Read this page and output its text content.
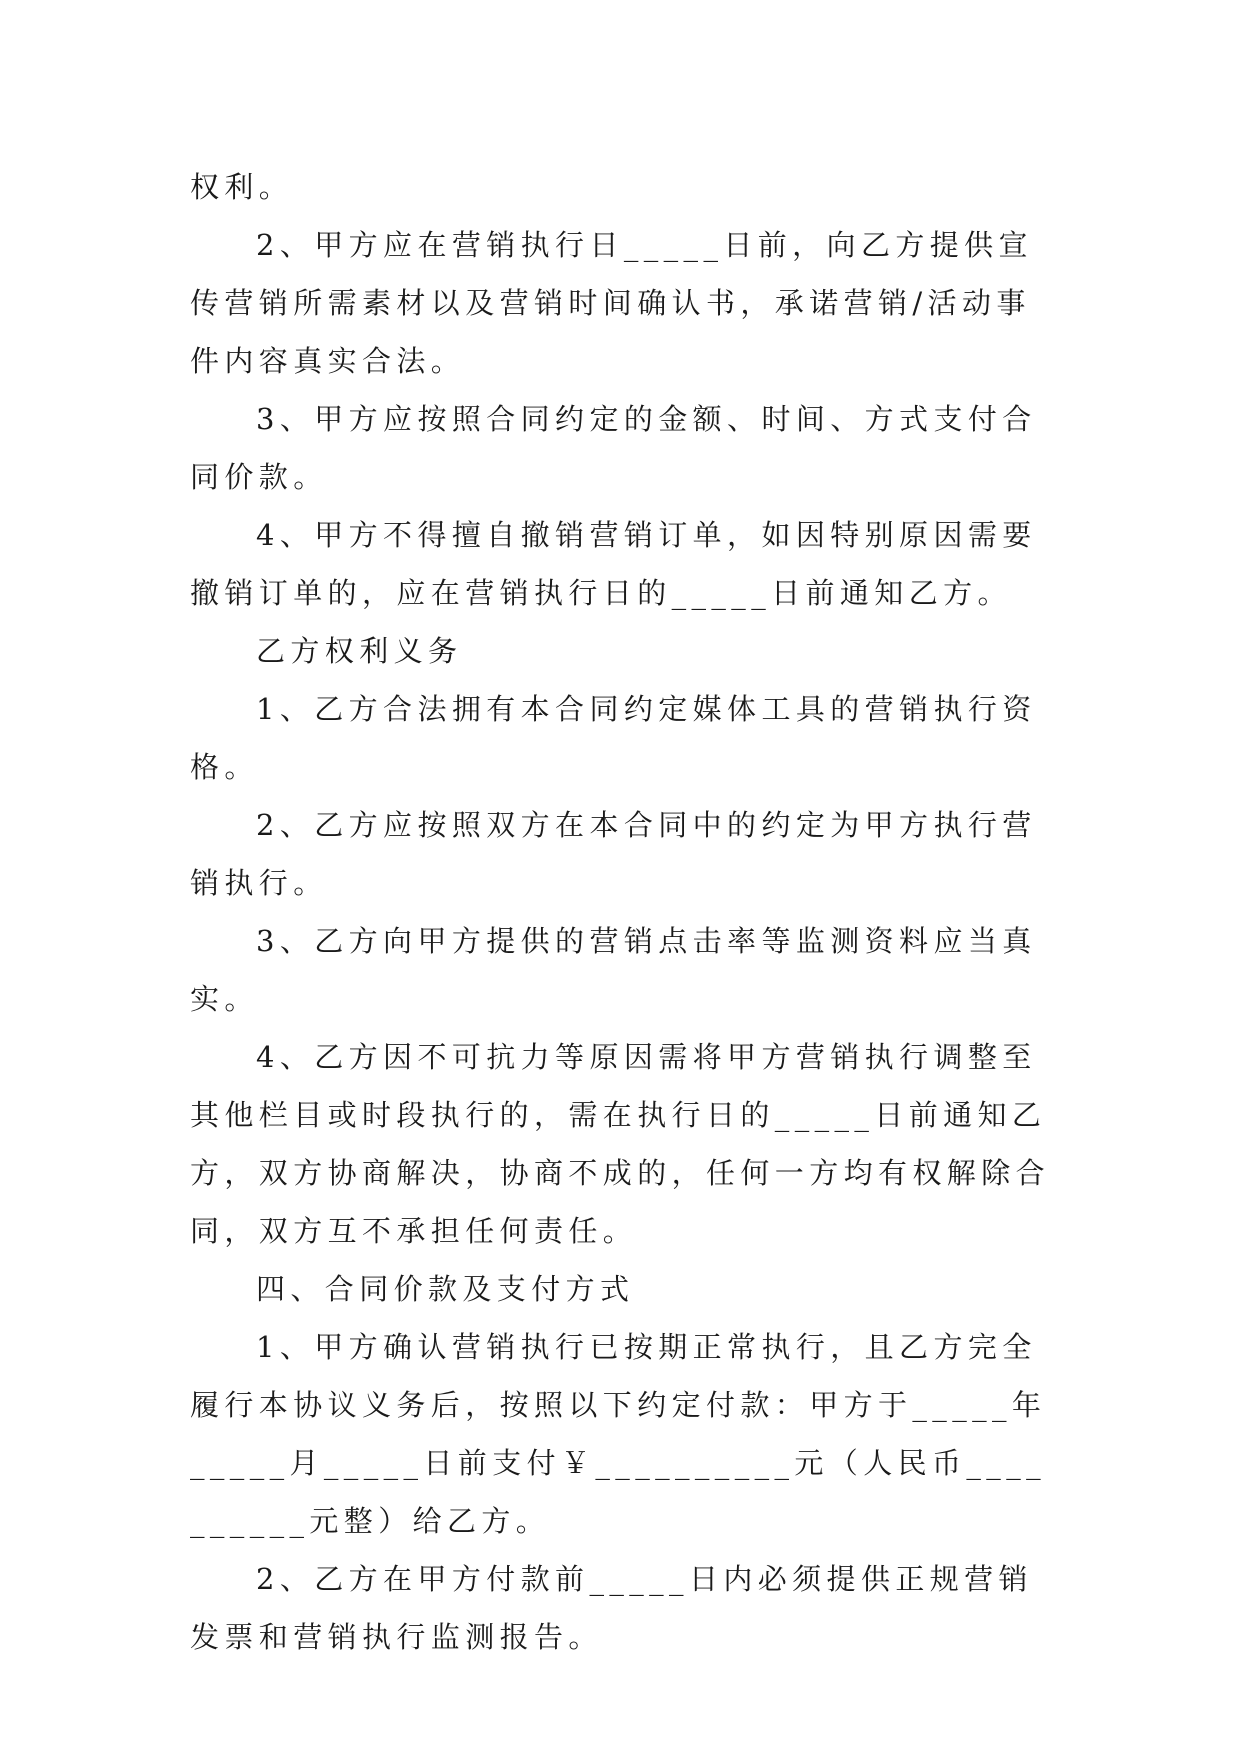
权利。

2、甲方应在营销执行日_____日前，向乙方提供宣传营销所需素材以及营销时间确认书，承诺营销/活动事件内容真实合法。

3、甲方应按照合同约定的金额、时间、方式支付合同价款。

4、甲方不得擅自撤销营销订单，如因特别原因需要撤销订单的，应在营销执行日的_____日前通知乙方。

乙方权利义务

1、乙方合法拥有本合同约定媒体工具的营销执行资格。

2、乙方应按照双方在本合同中的约定为甲方执行营销执行。

3、乙方向甲方提供的营销点击率等监测资料应当真实。

4、乙方因不可抗力等原因需将甲方营销执行调整至其他栏目或时段执行的，需在执行日的_____日前通知乙方，双方协商解决，协商不成的，任何一方均有权解除合同，双方互不承担任何责任。

四、合同价款及支付方式

1、甲方确认营销执行已按期正常执行，且乙方完全履行本协议义务后，按照以下约定付款：甲方于_____年_____月_____日前支付￥__________元（人民币__________元整）给乙方。

2、乙方在甲方付款前_____日内必须提供正规营销发票和营销执行监测报告。
